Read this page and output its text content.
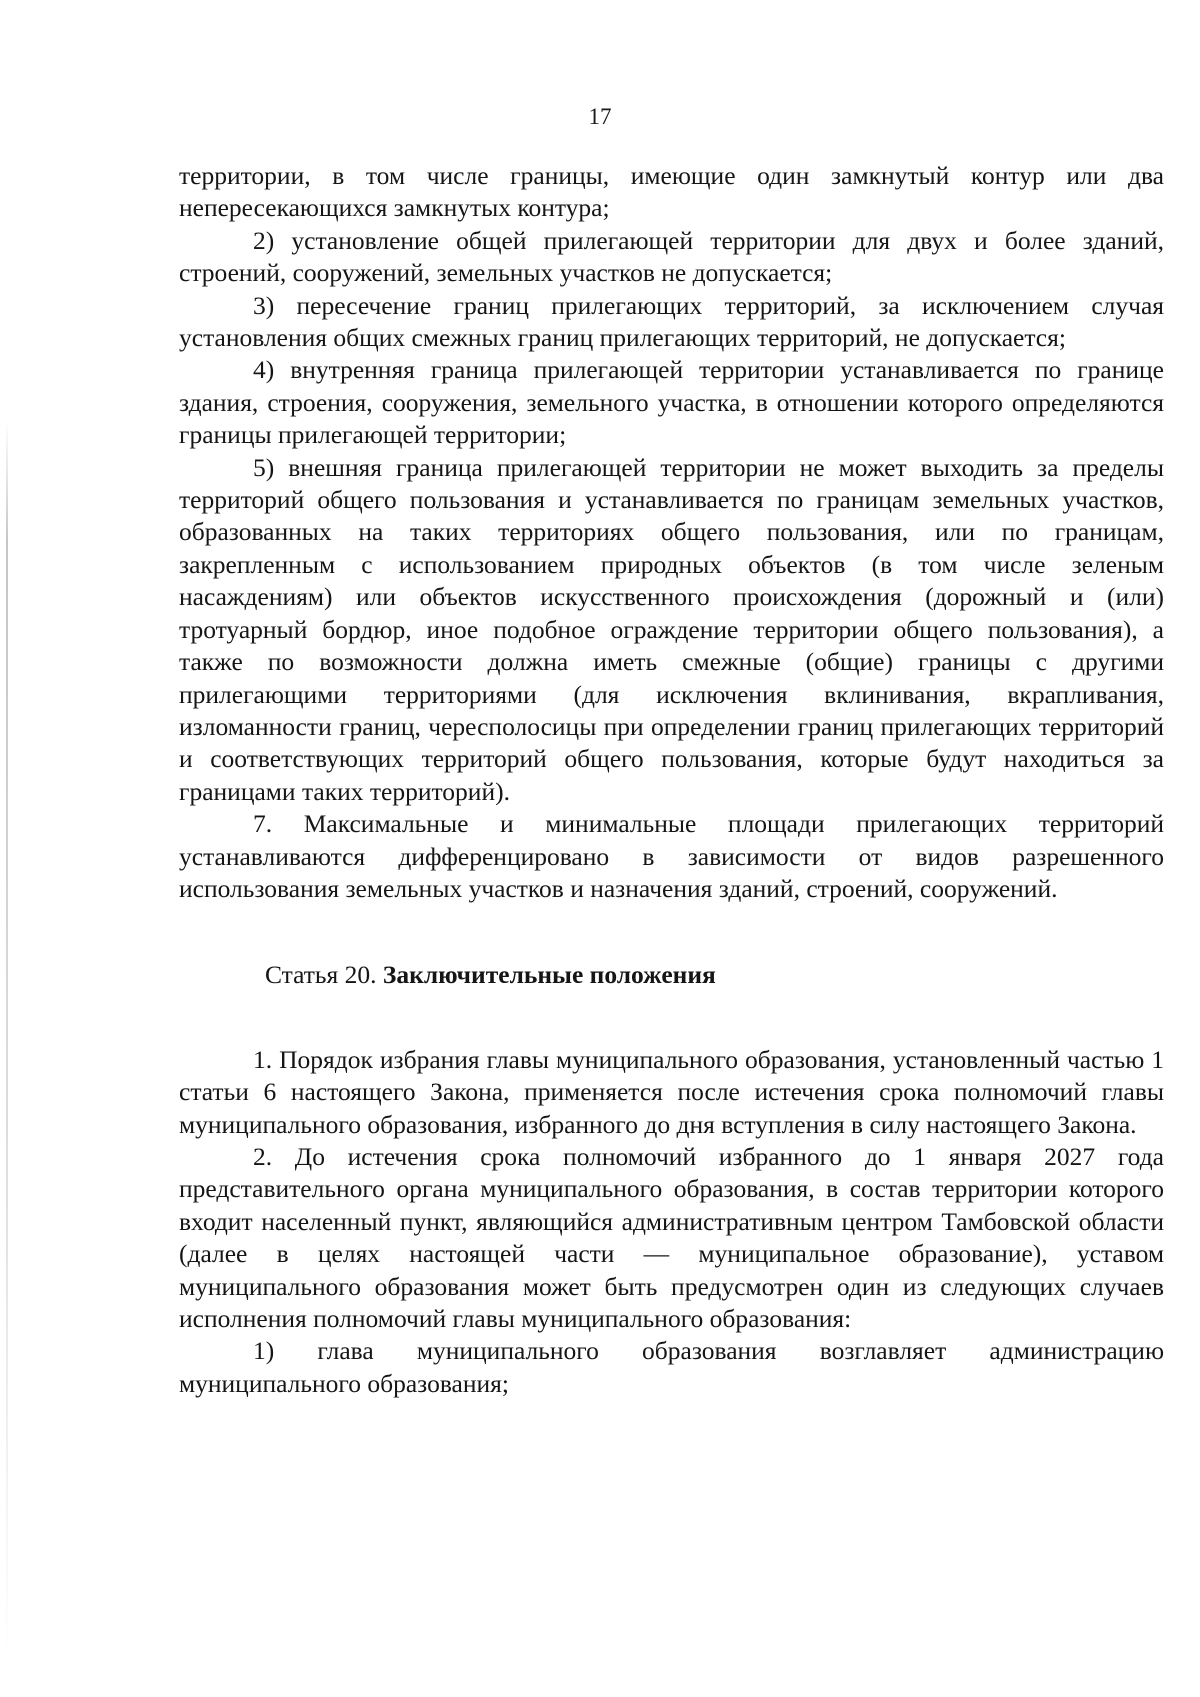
17

территории, в том числе границы, имеющие один замкнутый контур или два непересекающихся замкнутых контура;

2) установление общей прилегающей территории для двух и более зданий, строений, сооружений, земельных участков не допускается;

3) пересечение границ прилегающих территорий, за исключением случая установления общих смежных границ прилегающих территорий, не допускается;

4) внутренняя граница прилегающей территории устанавливается по границе здания, строения, сооружения, земельного участка, в отношении которого определяются границы прилегающей территории;

5) внешняя граница прилегающей территории не может выходить за пределы территорий общего пользования и устанавливается по границам земельных участков, образованных на таких территориях общего пользования, или по границам, закрепленным с использованием природных объектов (в том числе зеленым насаждениям) или объектов искусственного происхождения (дорожный и (или) тротуарный бордюр, иное подобное ограждение территории общего пользования), а также по возможности должна иметь смежные (общие) границы с другими прилегающими территориями (для исключения вклинивания, вкрапливания, изломанности границ, чересполосицы при определении границ прилегающих территорий и соответствующих территорий общего пользования, которые будут находиться за границами таких территорий).

7. Максимальные и минимальные площади прилегающих территорий устанавливаются дифференцировано в зависимости от видов разрешенного использования земельных участков и назначения зданий, строений, сооружений.

Статья 20. Заключительные положения

1. Порядок избрания главы муниципального образования, установленный частью 1 статьи 6 настоящего Закона, применяется после истечения срока полномочий главы муниципального образования, избранного до дня вступления в силу настоящего Закона.

2. До истечения срока полномочий избранного до 1 января 2027 года представительного органа муниципального образования, в состав территории которого входит населенный пункт, являющийся административным центром Тамбовской области (далее в целях настоящей части — муниципальное образование), уставом муниципального образования может быть предусмотрен один из следующих случаев исполнения полномочий главы муниципального образования:

1) глава муниципального образования возглавляет администрацию муниципального образования;
